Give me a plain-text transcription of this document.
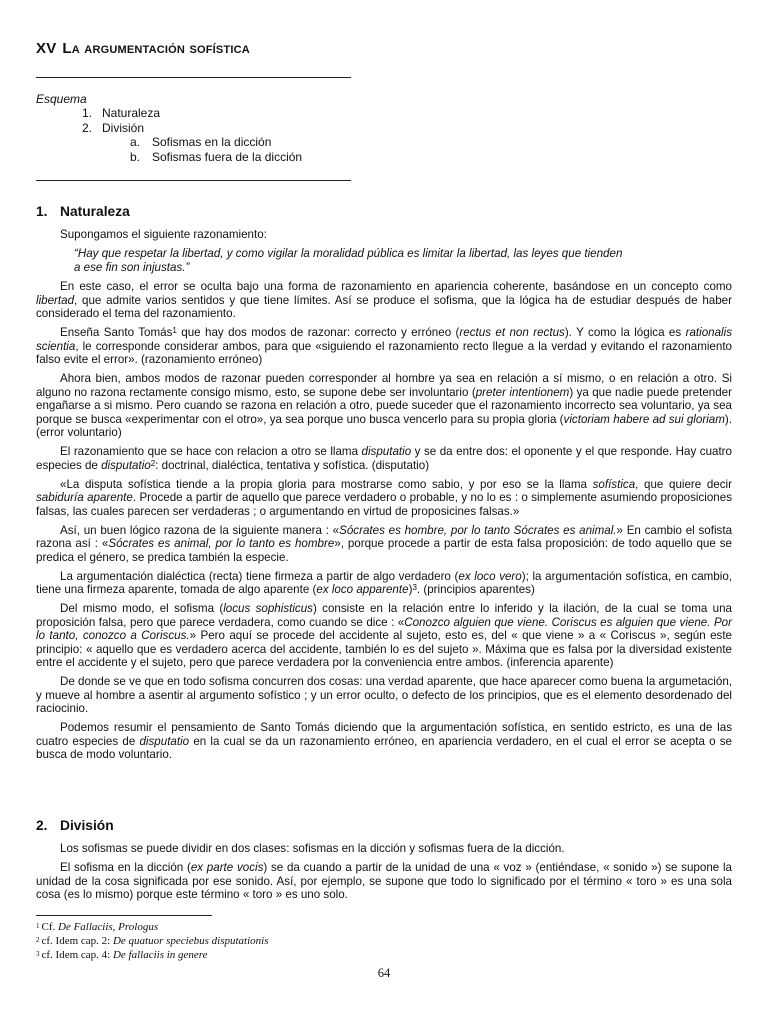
XV La argumentación sofística
Esquema
1. Naturaleza
2. División
a. Sofismas en la dicción
b. Sofismas fuera de la dicción
1. Naturaleza

Supongamos el siguiente razonamiento:

“Hay que respetar la libertad, y como vigilar la moralidad pública es limitar la libertad, las leyes que tienden
a ese fin son injustas.”

En este caso, el error se oculta bajo una forma de razonamiento en apariencia coherente, basándose en un concepto como libertad, que admite varios sentidos y que tiene límites. Así se produce el sofisma, que la lógica ha de estudiar después de haber considerado el tema del razonamiento.

Enseña Santo Tomás$^1$ que hay dos modos de razonar: correcto y erróneo (rectus et non rectus). Y como la lógica es rationalis scientia, le corresponde considerar ambos, para que «siguiendo el razonamiento recto llegue a la verdad y evitando el razonamiento falso evite el error». (razonamiento erróneo)

Ahora bien, ambos modos de razonar pueden corresponder al hombre ya sea en relación a sí mismo, o en relación a otro. Si alguno no razona rectamente consigo mismo, esto, se supone debe ser involuntario (preter intentionem) ya que nadie puede pretender engañarse a si mismo. Pero cuando se razona en relación a otro, puede suceder que el razonamiento incorrecto sea voluntario, ya sea porque se busca «experimentar con el otro», ya sea porque uno busca vencerlo para su propia gloria (victoriam habere ad sui gloriam). (error voluntario)

El razonamiento que se hace con relacion a otro se llama disputatio y se da entre dos: el oponente y el que responde. Hay cuatro especies de disputatio$^2$: doctrinal, dialéctica, tentativa y sofística. (disputatio)

«La disputa sofística tiende a la propia gloria para mostrarse como sabio, y por eso se la llama sofística, que quiere decir sabiduría aparente. Procede a partir de aquello que parece verdadero o probable, y no lo es : o simplemente asumiendo proposiciones falsas, las cuales parecen ser verdaderas ; o argumentando en virtud de proposicines falsas.»

Así, un buen lógico razona de la siguiente manera : «Sócrates es hombre, por lo tanto Sócrates es animal.» En cambio el sofista razona así : «Sócrates es animal, por lo tanto es hombre», porque procede a partir de esta falsa proposición: de todo aquello que se predica el género, se predica también la especie.

La argumentación dialéctica (recta) tiene firmeza a partir de algo verdadero (ex loco vero); la argumentación sofística, en cambio, tiene una firmeza aparente, tomada de algo aparente (ex loco apparente)$^3$. (principios aparentes)

Del mismo modo, el sofisma (locus sophisticus) consiste en la relación entre lo inferido y la ilación, de la cual se toma una proposición falsa, pero que parece verdadera, como cuando se dice : «Conozco alguien que viene. Coriscus es alguien que viene. Por lo tanto, conozco a Coriscus.» Pero aquí se procede del accidente al sujeto, esto es, del « que viene » a « Coriscus », según este principio: « aquello que es verdadero acerca del accidente, también lo es del sujeto ». Máxima que es falsa por la diversidad existente entre el accidente y el sujeto, pero que parece verdadera por la conveniencia entre ambos. (inferencia aparente)

De donde se ve que en todo sofisma concurren dos cosas: una verdad aparente, que hace aparecer como buena la argumetación, y mueve al hombre a asentir al argumento sofístico ; y un error oculto, o defecto de los principios, que es el elemento desordenado del raciocinio.

Podemos resumir el pensamiento de Santo Tomás diciendo que la argumentación sofística, en sentido estricto, es una de las cuatro especies de disputatio en la cual se da un razonamiento erróneo, en apariencia verdadero, en el cual el error se acepta o se busca de modo voluntario.

2. División

Los sofismas se puede dividir en dos clases: sofismas en la dicción y sofismas fuera de la dicción.

El sofisma en la dicción (ex parte vocis) se da cuando a partir de la unidad de una « voz » (entiéndase, « sonido ») se supone la unidad de la cosa significada por ese sonido. Así, por ejemplo, se supone que todo lo significado por el término « toro » es una sola cosa (es lo mismo) porque este término « toro » es uno solo.

$^1$ Cf. De Fallaciis, Prologus
$^2$ cf. Idem cap. 2: De quatuor speciebus disputationis
$^3$ cf. Idem cap. 4: De fallaciis in genere
64
